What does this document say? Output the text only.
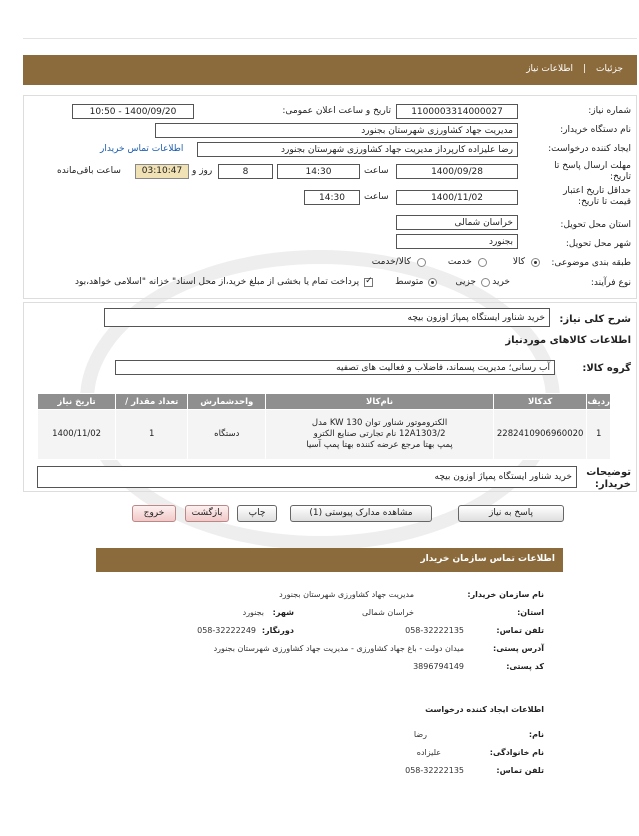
جزئیات
|
اطلاعات نیاز
شماره نیاز:
1100003314000027
تاریخ و ساعت اعلان عمومی:
1400/09/20 - 10:50
نام دستگاه خریدار:
مدیریت جهاد کشاورزی شهرستان بجنورد
ایجاد کننده درخواست:
رضا علیزاده کارپرداز مدیریت جهاد کشاورزی شهرستان بجنورد
اطلاعات تماس خریدار
مهلت ارسال پاسخ تا تاریخ:
1400/09/28
ساعت
14:30
8
روز و
03:10:47
ساعت باقی‌مانده
حداقل تاریخ اعتبار قیمت تا تاریخ:
1400/11/02
ساعت
14:30
استان محل تحویل:
خراسان شمالی
شهر محل تحویل:
بجنورد
طبقه بندی موضوعی:
کالا
خدمت
کالا/خدمت
نوع فرآیند:
خرید
جزیی
متوسط
✓
پرداخت تمام یا بخشی از مبلغ خرید،از محل اسناد" خزانه "اسلامی خواهد،بود
شرح کلی نیاز:
خرید شناور ایستگاه پمپاژ اوزون بیچه
اطلاعات کالاهای موردنیاز
گروه کالا:
آب رسانی؛ مدیریت پسماند، فاضلاب و فعالیت های تصفیه
ردیف	کدکالا	نام‌کالا	واحدشمارش	تعداد مقدار /	تاریخ نیاز
1	2282410906960020	الکتروموتور شناور توان 130 KW مدل 12A1303/2 نام تجارتی صنایع الکترو پمپ بهتا مرجع عرضه کننده بهتا پمپ آسیا	دستگاه	1	1400/11/02
توضیحات خریدار:
خرید شناور ایستگاه پمپاژ اوزون بیچه
پاسخ به نیاز
مشاهده مدارک پیوستی (1)
چاپ
بازگشت
خروج
اطلاعات تماس سازمان خریدار
نام سازمان خریدار:
مدیریت جهاد کشاورزی شهرستان بجنورد
استان:
خراسان شمالی
شهر:
بجنورد
تلفن تماس:
058-32222135
دورنگار:
058-32222249
آدرس پستی:
میدان دولت - باغ جهاد کشاورزی - مدیریت جهاد کشاورزی شهرستان بجنورد
کد پستی:
3896794149
اطلاعات ایجاد کننده درخواست
نام:
رضا
نام خانوادگی:
علیزاده
تلفن تماس:
058-32222135
